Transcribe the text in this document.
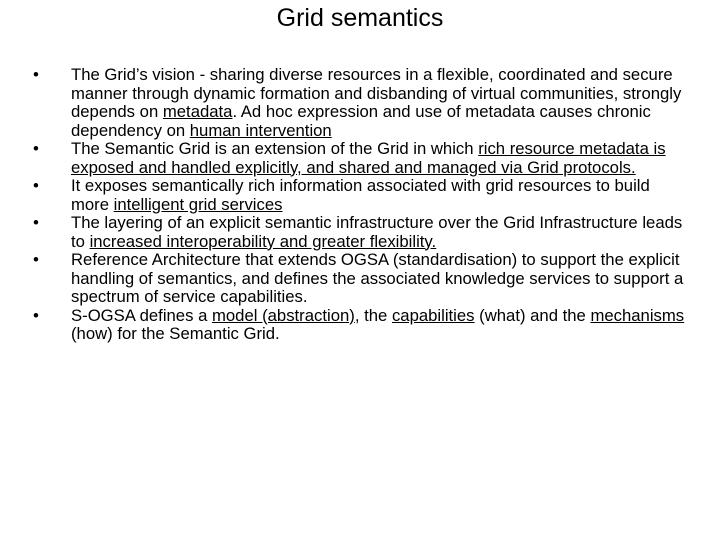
Grid semantics
• The Grid’s vision - sharing diverse resources in a flexible, coordinated and secure manner through dynamic formation and disbanding of virtual communities, strongly depends on metadata. Ad hoc expression and use of metadata causes chronic dependency on human intervention
• The Semantic Grid is an extension of the Grid in which rich resource metadata is exposed and handled explicitly, and shared and managed via Grid protocols.
• It exposes semantically rich information associated with grid resources to build more intelligent grid services
• The layering of an explicit semantic infrastructure over the Grid Infrastructure leads to increased interoperability and greater flexibility.
• Reference Architecture that extends OGSA (standardisation) to support the explicit handling of semantics, and defines the associated knowledge services to support a spectrum of service capabilities.
• S-OGSA defines a model (abstraction), the capabilities (what) and the mechanisms (how) for the Semantic Grid.
